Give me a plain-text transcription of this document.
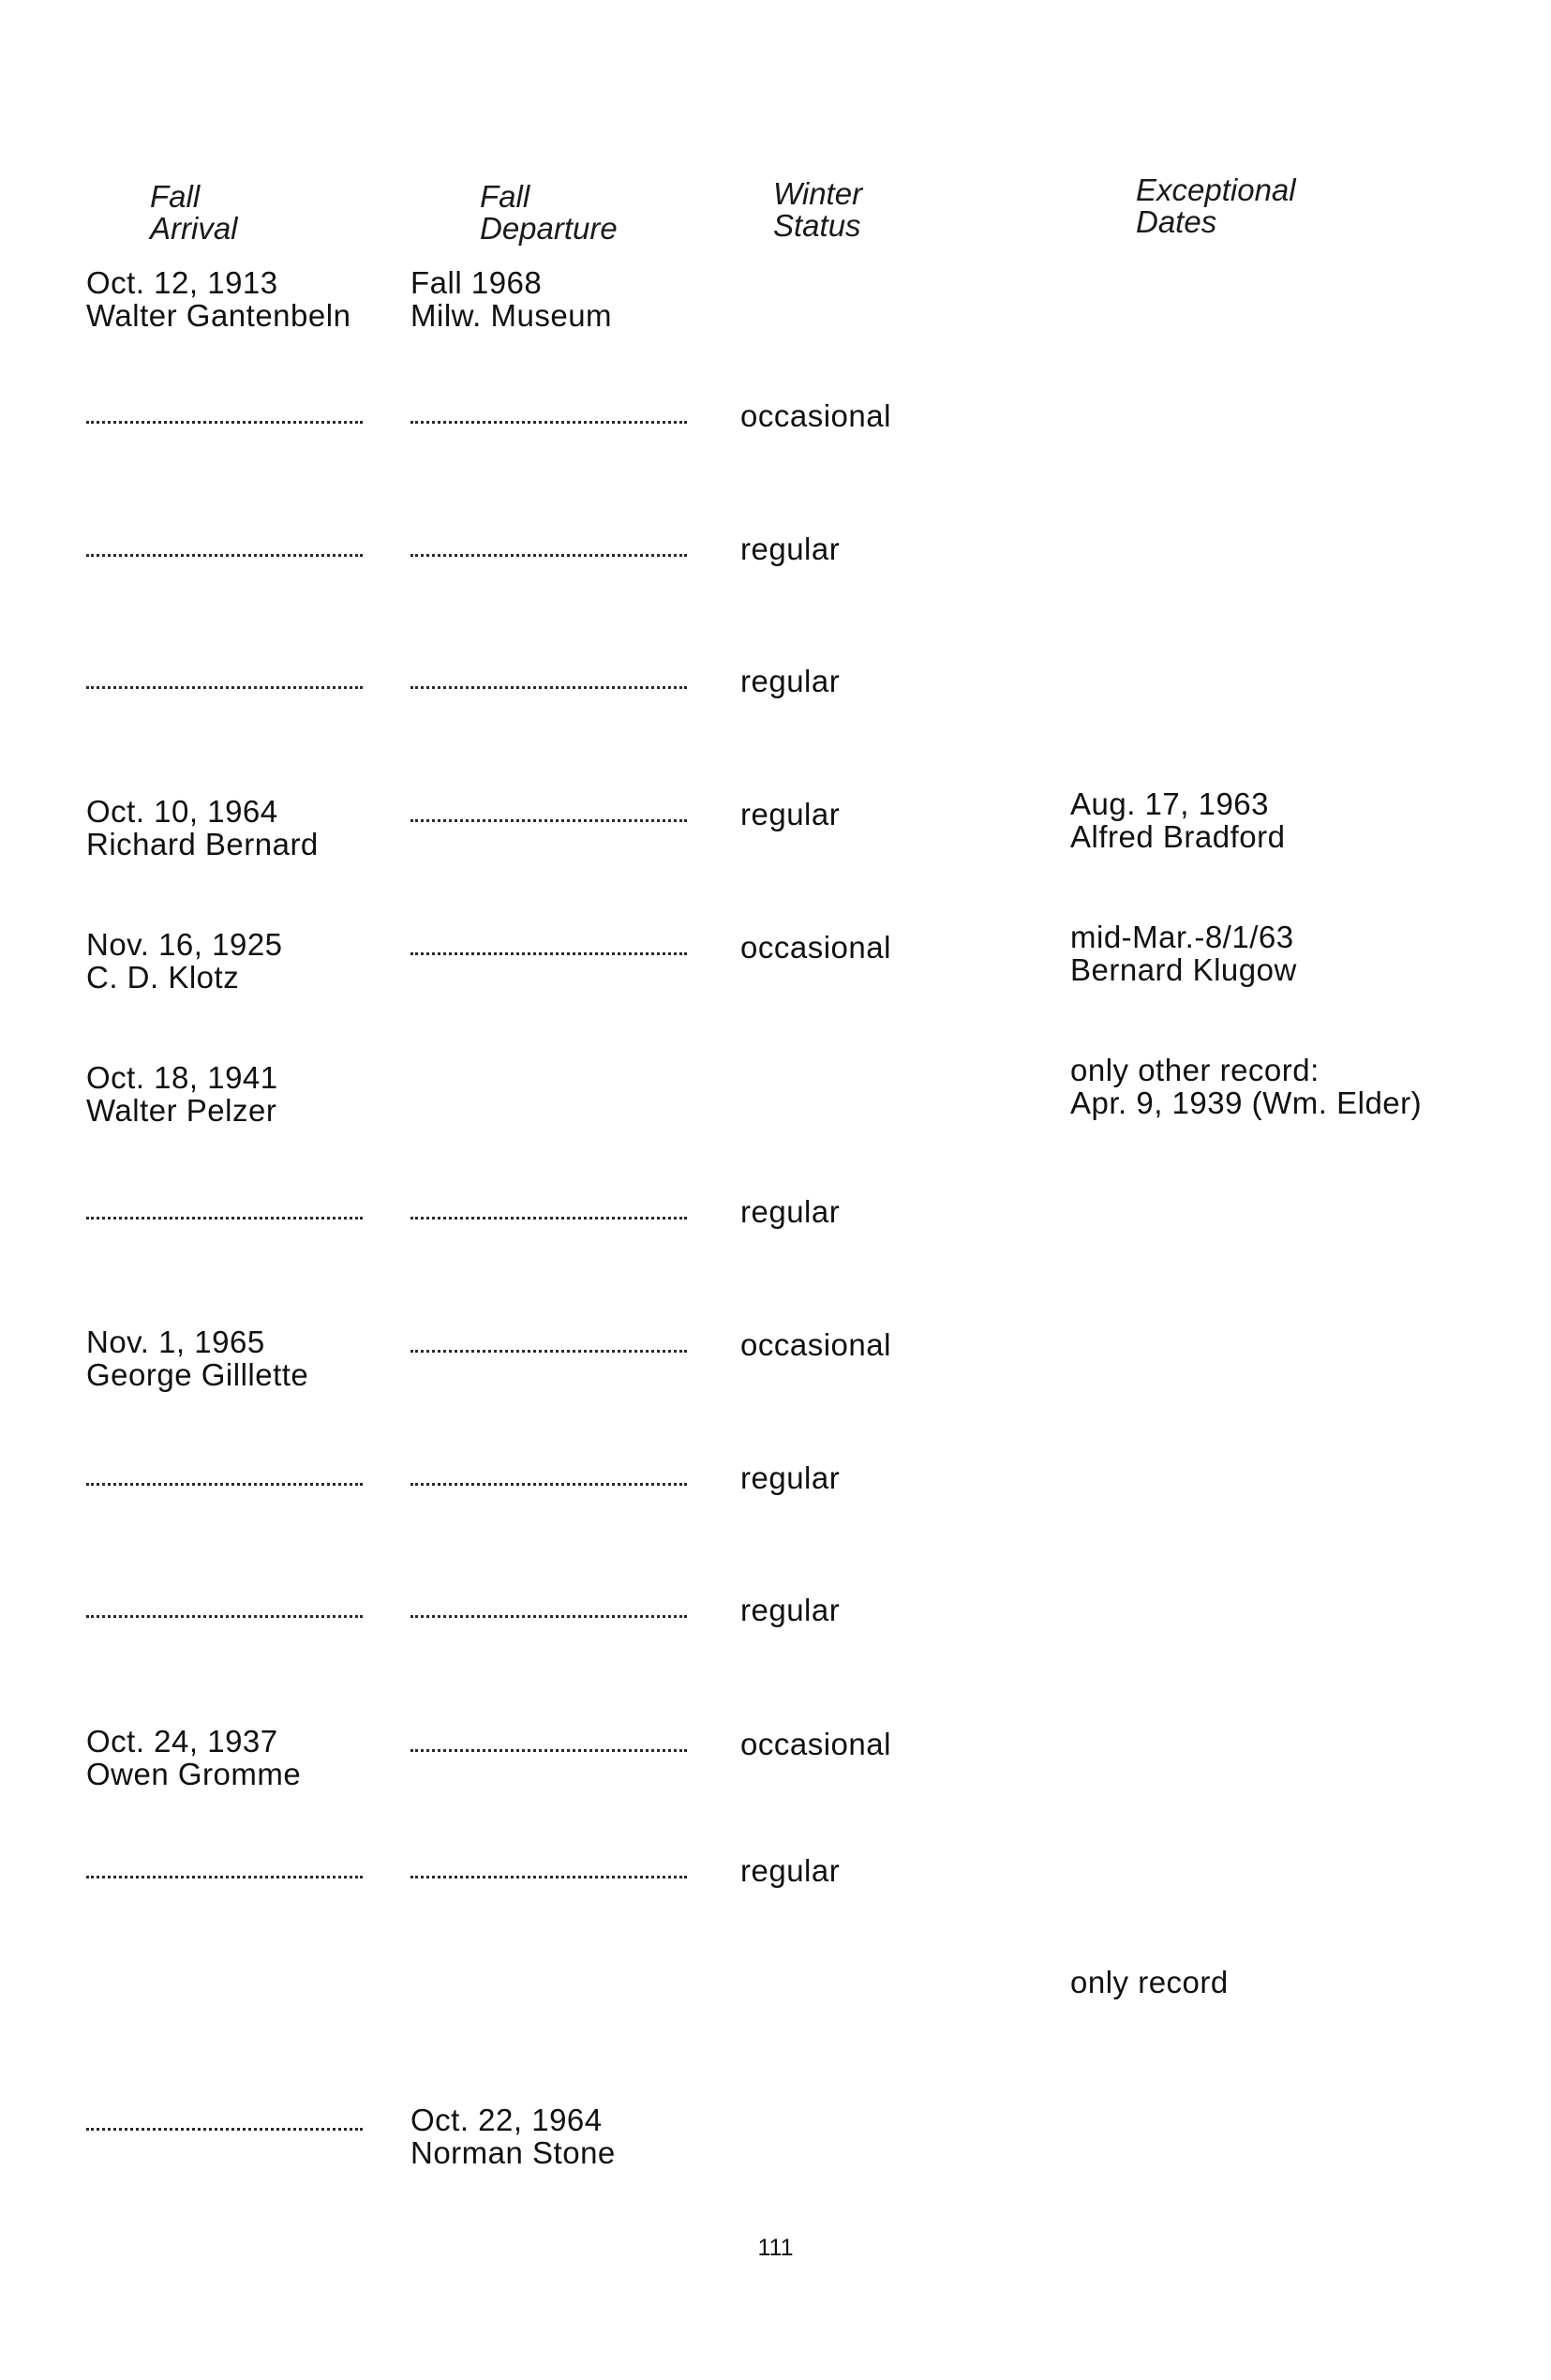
Fall
Arrival
Fall
Departure
Winter
Status
Exceptional
Dates
Oct. 12, 1913
Walter Gantenbeln
Fall 1968
Milw. Museum
occasional
regular
regular
Oct. 10, 1964
Richard Bernard
regular	Aug. 17, 1963
Alfred Bradford
Nov. 16, 1925
C. D. Klotz
occasional	mid-Mar.-8/1/63
Bernard Klugow
Oct. 18, 1941
Walter Pelzer
only other record:
Apr. 9, 1939 (Wm. Elder)
regular
Nov. 1, 1965
George Gilllette
occasional
regular
regular
Oct. 24, 1937
Owen Gromme
occasional
regular
only record
Oct. 22, 1964
Norman Stone
111
